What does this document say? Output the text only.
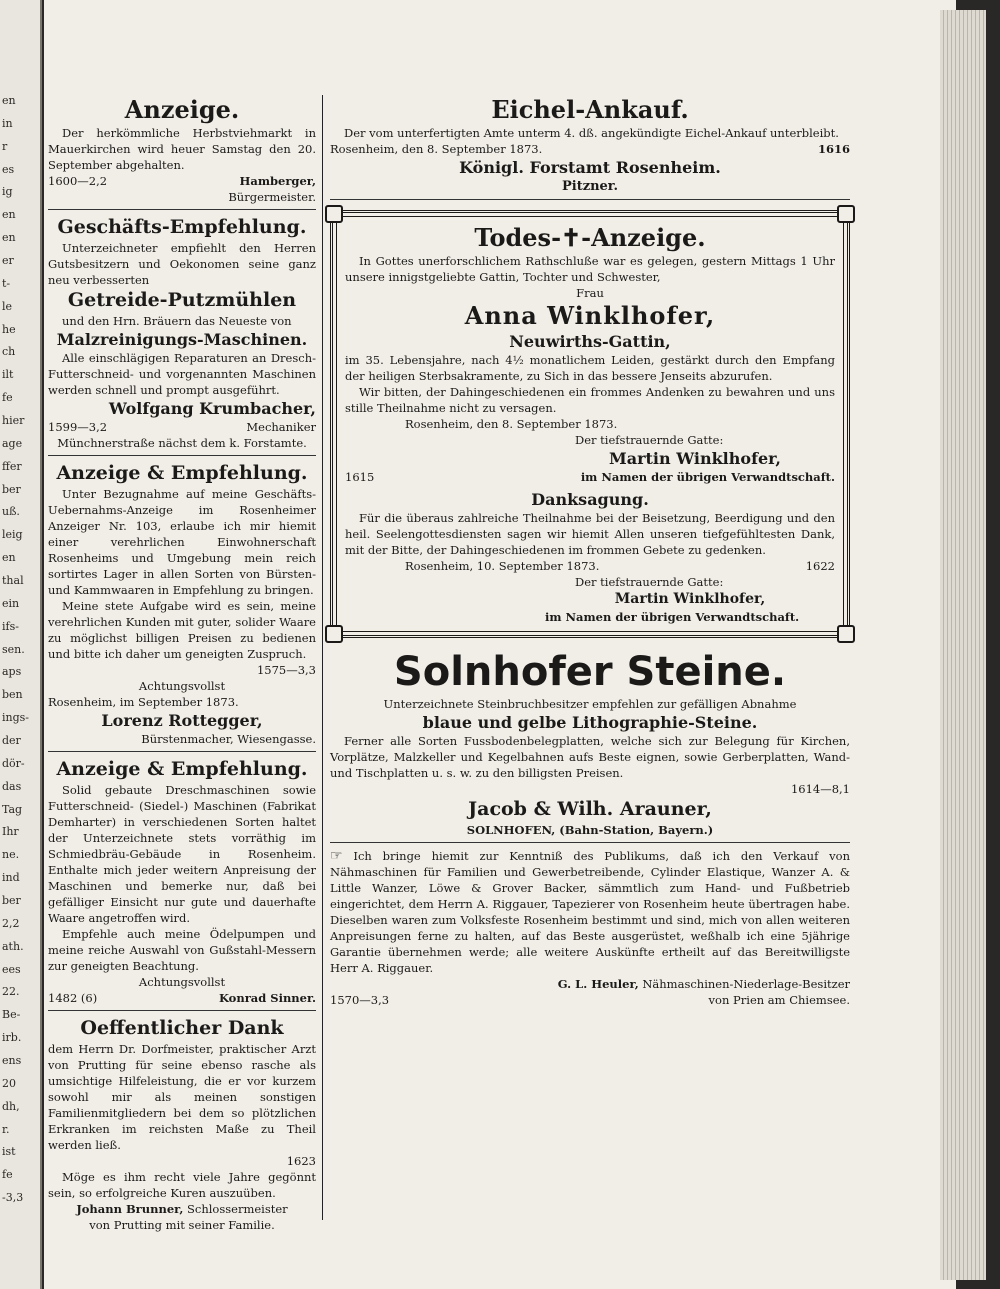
en
in
r
es
ig
en
en
er
t-
le
he
ch
ilt
fe
hier
age
ffer
ber
uß.
leig
en
thal
ein
ifs-
sen.
aps
ben
ings-
der
dör-
das
Tag
Ihr
ne.
ind
ber
2,2
ath.
ees
22.
Be-
irb.
ens
20
dh,
r.
ist
fe
-3,3
Anzeige.
Der herkömmliche Herbstviehmarkt in Mauerkirchen wird heuer Samstag den 20. September abgehalten.
1600—2,2	Hamberger,
Bürgermeister.
Geschäfts-Empfehlung.
Unterzeichneter empfiehlt den Herren Gutsbesitzern und Oekonomen seine ganz neu verbesserten
Getreide-Putzmühlen
und den Hrn. Bräuern das Neueste von
Malzreinigungs-Maschinen.
Alle einschlägigen Reparaturen an Dresch-Futterschneid- und vorgenannten Maschinen werden schnell und prompt ausgeführt.
Wolfgang Krumbacher,
1599—3,2	Mechaniker
Münchnerstraße nächst dem k. Forstamte.
Anzeige & Empfehlung.
Unter Bezugnahme auf meine Geschäfts-Uebernahms-Anzeige im Rosenheimer Anzeiger Nr. 103, erlaube ich mir hiemit einer verehrlichen Einwohnerschaft Rosenheims und Umgebung mein reich sortirtes Lager in allen Sorten von Bürsten- und Kammwaaren in Empfehlung zu bringen.
Meine stete Aufgabe wird es sein, meine verehrlichen Kunden mit guter, solider Waare zu möglichst billigen Preisen zu bedienen und bitte ich daher um geneigten Zuspruch.
1575—3,3
Achtungsvollst
Rosenheim, im September 1873.
Lorenz Rottegger,
Bürstenmacher, Wiesengasse.
Anzeige & Empfehlung.
Solid gebaute Dreschmaschinen sowie Futterschneid- (Siedel-) Maschinen (Fabrikat Demharter) in verschiedenen Sorten haltet der Unterzeichnete stets vorräthig im Schmiedbräu-Gebäude in Rosenheim. Enthalte mich jeder weitern Anpreisung der Maschinen und bemerke nur, daß bei gefälliger Einsicht nur gute und dauerhafte Waare angetroffen wird.
Empfehle auch meine Ödelpumpen und meine reiche Auswahl von Gußstahl-Messern zur geneigten Beachtung.
Achtungsvollst
1482 (6)	Konrad Sinner.
Oeffentlicher Dank
dem Herrn Dr. Dorfmeister, praktischer Arzt von Prutting für seine ebenso rasche als umsichtige Hilfeleistung, die er vor kurzem sowohl mir als meinen sonstigen Familienmitgliedern bei dem so plötzlichen Erkranken im reichsten Maße zu Theil werden ließ.
1623
Möge es ihm recht viele Jahre gegönnt sein, so erfolgreiche Kuren auszuüben.
Johann Brunner, Schlossermeister
von Prutting mit seiner Familie.
Eichel-Ankauf.
Der vom unterfertigten Amte unterm 4. dß. angekündigte Eichel-Ankauf unterbleibt.
Rosenheim, den 8. September 1873.	1616
Königl. Forstamt Rosenheim.
Pitzner.
Todes-✝-Anzeige.
In Gottes unerforschlichem Rathschluße war es gelegen, gestern Mittags 1 Uhr unsere innigstgeliebte Gattin, Tochter und Schwester,
Frau
Anna Winklhofer,
Neuwirths-Gattin,
im 35. Lebensjahre, nach 4½ monatlichem Leiden, gestärkt durch den Empfang der heiligen Sterbsakramente, zu Sich in das bessere Jenseits abzurufen.
Wir bitten, der Dahingeschiedenen ein frommes Andenken zu bewahren und uns stille Theilnahme nicht zu versagen.
Rosenheim, den 8. September 1873.
Der tiefstrauernde Gatte:
Martin Winklhofer,
1615	im Namen der übrigen Verwandtschaft.
Danksagung.
Für die überaus zahlreiche Theilnahme bei der Beisetzung, Beerdigung und den heil. Seelengottesdiensten sagen wir hiemit Allen unseren tiefgefühltesten Dank, mit der Bitte, der Dahingeschiedenen im frommen Gebete zu gedenken.
Rosenheim, 10. September 1873.	1622
Der tiefstrauernde Gatte:
Martin Winklhofer,
im Namen der übrigen Verwandtschaft.
Solnhofer Steine.
Unterzeichnete Steinbruchbesitzer empfehlen zur gefälligen Abnahme
blaue und gelbe Lithographie-Steine.
Ferner alle Sorten Fussbodenbelegplatten, welche sich zur Belegung für Kirchen, Vorplätze, Malzkeller und Kegelbahnen aufs Beste eignen, sowie Gerberplatten, Wand- und Tischplatten u. s. w. zu den billigsten Preisen.
1614—8,1
Jacob & Wilh. Arauner,
SOLNHOFEN, (Bahn-Station, Bayern.)
☞ Ich bringe hiemit zur Kenntniß des Publikums, daß ich den Verkauf von Nähmaschinen für Familien und Gewerbetreibende, Cylinder Elastique, Wanzer A. & Little Wanzer, Löwe & Grover Backer, sämmtlich zum Hand- und Fußbetrieb eingerichtet, dem Herrn A. Riggauer, Tapezierer von Rosenheim heute übertragen habe. Dieselben waren zum Volksfeste Rosenheim bestimmt und sind, mich von allen weiteren Anpreisungen ferne zu halten, auf das Beste ausgerüstet, weßhalb ich eine 5jährige Garantie übernehmen werde; alle weitere Auskünfte ertheilt auf das Bereitwilligste Herr A. Riggauer.
G. L. Heuler, Nähmaschinen-Niederlage-Besitzer
1570—3,3	von Prien am Chiemsee.
